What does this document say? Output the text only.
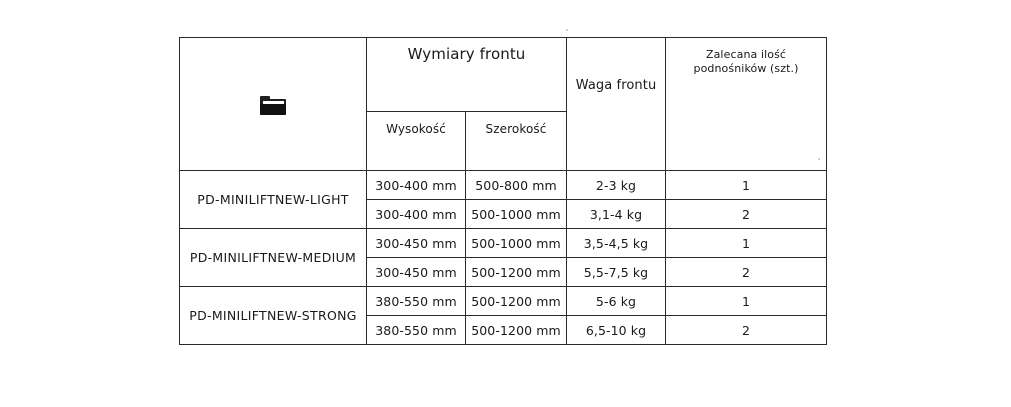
	Wymiary frontu		Waga frontu	Zalecana ilość
podnośników (szt.)
	Wysokość	Szerokość		
PD-MINILIFTNEW-LIGHT	300-400 mm	500-800 mm	2-3 kg	1
	300-400 mm	500-1000 mm	3,1-4 kg	2
PD-MINILIFTNEW-MEDIUM	300-450 mm	500-1000 mm	3,5-4,5 kg	1
	300-450 mm	500-1200 mm	5,5-7,5 kg	2
PD-MINILIFTNEW-STRONG	380-550 mm	500-1200 mm	5-6 kg	1
	380-550 mm	500-1200 mm	6,5-10 kg	2
